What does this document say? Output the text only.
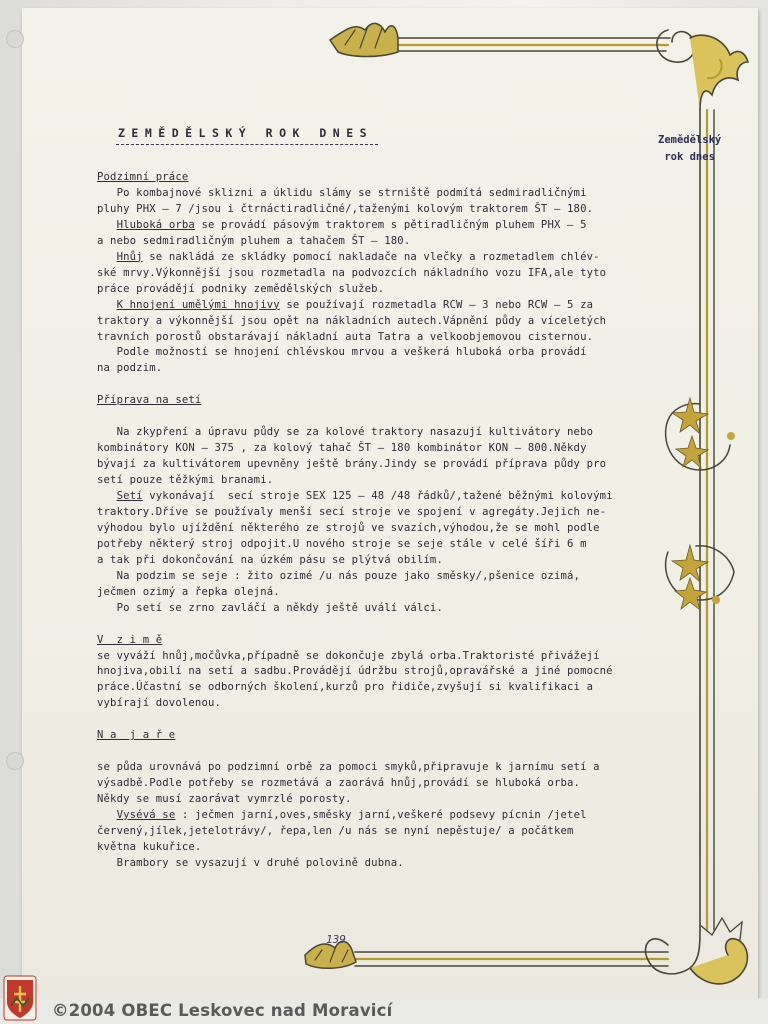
ZEMĚDĚLSKÝ ROK DNES	Zemědělský
rok dnes
Podzimní práce
Po kombajnové sklizni a úklidu slámy se strniště podmítá sedmiradličnými
pluhy PHX – 7 /jsou i čtrnáctiradličné/,taženými kolovým traktorem ŠT – 180.
Hluboká orba se provádí pásovým traktorem s pětiradličným pluhem PHX – 5
a nebo sedmiradličným pluhem a tahačem ŠT – 180.
Hnůj se nakládá ze skládky pomocí nakladače na vlečky a rozmetadlem chlév-
ské mrvy.Výkonnější jsou rozmetadla na podvozcích nákladního vozu IFA,ale tyto
práce provádějí podniky zemědělských služeb.
K hnojení umělými hnojivy se používají rozmetadla RCW – 3 nebo RCW – 5 za
traktory a výkonnější jsou opět na nákladních autech.Vápnění půdy a víceletých
travních porostů obstarávají nákladní auta Tatra a velkoobjemovou cisternou.
Podle možností se hnojení chlévskou mrvou a veškerá hluboká orba provádí
na podzim.
Příprava na setí
Na zkypření a úpravu půdy se za kolové traktory nasazují kultivátory nebo
kombinátory KON – 375 , za kolový tahač ŠT – 180 kombinátor KON – 800.Někdy
bývají za kultivátorem upevněny ještě brány.Jindy se provádí příprava půdy pro
setí pouze těžkými branami.
Setí vykonávají  secí stroje SEX 125 – 48 /48 řádků/,tažené běžnými kolovými
traktory.Dříve se používaly menší secí stroje ve spojení v agregáty.Jejich ne-
výhodou bylo ujíždění některého ze strojů ve svazích,výhodou,že se mohl podle
potřeby některý stroj odpojit.U nového stroje se seje stále v celé šíři 6 m
a tak při dokončování na úzkém pásu se plýtvá obilím.
Na podzim se seje : žito ozimé /u nás pouze jako směsky/,pšenice ozimá,
ječmen ozimý a řepka olejná.
Po setí se zrno zavláčí a někdy ještě uválí válci.
V  z i m ě
se vyváží hnůj,močůvka,případně se dokončuje zbylá orba.Traktoristé přivážejí
hnojiva,obilí na setí a sadbu.Provádějí údržbu strojů,opravářské a jiné pomocné
práce.Účastní se odborných školení,kurzů pro řidiče,zvyšují si kvalifikaci a
vybírají dovolenou.
N a  j a ř e
se půda urovnává po podzimní orbě za pomoci smyků,připravuje k jarnímu setí a
výsadbě.Podle potřeby se rozmetává a zaorává hnůj,provádí se hluboká orba.
Někdy se musí zaorávat vymrzlé porosty.
Vysévá se : ječmen jarní,oves,směsky jarní,veškeré podsevy pícnin /jetel
červený,jílek,jetelotrávy/, řepa,len /u nás se nyní nepěstuje/ a počátkem
května kukuřice.
Brambory se vysazují v druhé polovině dubna.
139
©2004 OBEC Leskovec nad Moravicí
